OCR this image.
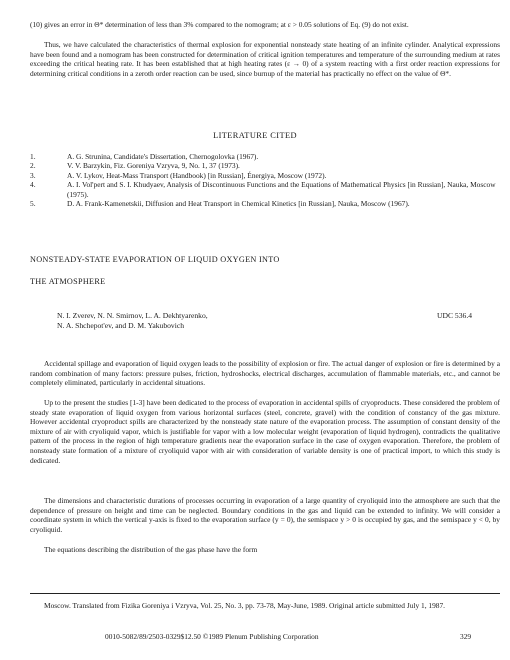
(10) gives an error in Θ* determination of less than 3% compared to the nomogram; at ε > 0.05 solutions of Eq. (9) do not exist.

Thus, we have calculated the characteristics of thermal explosion for exponential nonsteady state heating of an infinite cylinder. Analytical expressions have been found and a nomogram has been constructed for determination of critical ignition temperatures and temperature of the surrounding medium at rates exceeding the critical heating rate. It has been established that at high heating rates (ε → 0) of a system reacting with a first order reaction expressions for determining critical conditions in a zeroth order reaction can be used, since burnup of the material has practically no effect on the value of Θ*.

LITERATURE CITED

1.	A. G. Strunina, Candidate's Dissertation, Chernogolovka (1967).
2.	V. V. Barzykin, Fiz. Goreniya Vzryva, 9, No. 1, 37 (1973).
3.	A. V. Lykov, Heat-Mass Transport (Handbook) [in Russian], Énergiya, Moscow (1972).
4.	A. I. Vol'pert and S. I. Khudyaev, Analysis of Discontinuous Functions and the Equations of Mathematical Physics [in Russian], Nauka, Moscow (1975).
5.	D. A. Frank-Kamenetskii, Diffusion and Heat Transport in Chemical Kinetics [in Russian], Nauka, Moscow (1967).

NONSTEADY-STATE EVAPORATION OF LIQUID OXYGEN INTO

THE ATMOSPHERE

N. I. Zverev, N. N. Smirnov, L. A. Dekhtyarenko,
N. A. Shchepot'ev, and D. M. Yakubovich

UDC 536.4

Accidental spillage and evaporation of liquid oxygen leads to the possibility of explosion or fire. The actual danger of explosion or fire is determined by a random combination of many factors: pressure pulses, friction, hydroshocks, electrical discharges, accumulation of flammable materials, etc., and cannot be completely eliminated, particularly in accidental situations.

Up to the present the studies [1-3] have been dedicated to the process of evaporation in accidental spills of cryoproducts. These considered the problem of steady state evaporation of liquid oxygen from various horizontal surfaces (steel, concrete, gravel) with the condition of constancy of the gas mixture. However accidental cryoproduct spills are characterized by the nonsteady state nature of the evaporation process. The assumption of constant density of the mixture of air with cryoliquid vapor, which is justifiable for vapor with a low molecular weight (evaporation of liquid hydrogen), contradicts the qualitative pattern of the process in the region of high temperature gradients near the evaporation surface in the case of oxygen evaporation. Therefore, the problem of nonsteady state formation of a mixture of cryoliquid vapor with air with consideration of variable density is one of practical import, to which this study is dedicated.

The dimensions and characteristic durations of processes occurring in evaporation of a large quantity of cryoliquid into the atmosphere are such that the dependence of pressure on height and time can be neglected. Boundary conditions in the gas and liquid can be extended to infinity. We will consider a coordinate system in which the vertical y-axis is fixed to the evaporation surface (y = 0), the semispace y > 0 is occupied by gas, and the semispace y < 0, by cryoliquid.

The equations describing the distribution of the gas phase have the form

Moscow. Translated from Fizika Goreniya i Vzryva, Vol. 25, No. 3, pp. 73-78, May-June, 1989. Original article submitted July 1, 1987.

0010-5082/89/2503-0329$12.50 ©1989 Plenum Publishing Corporation	329
